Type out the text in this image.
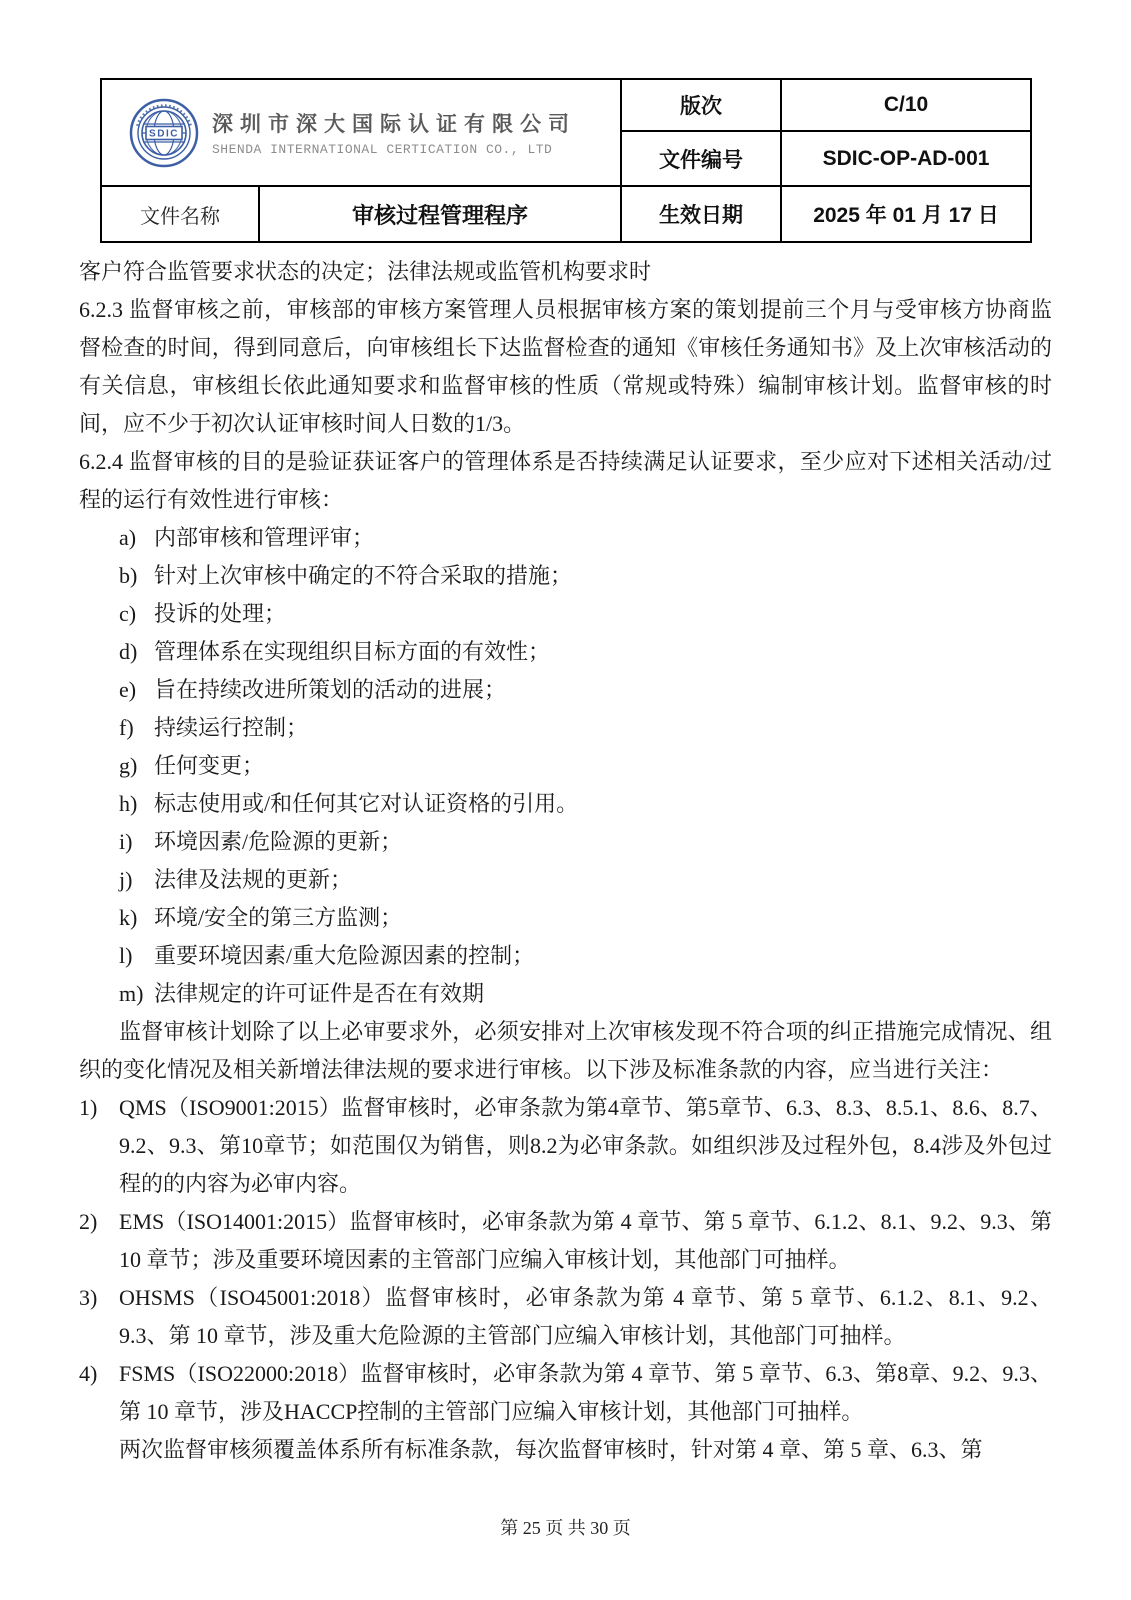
SDIC 深圳市深大国际认证有限公司
SHENDA INTERNATIONAL CERTICATION CO., LTD
版次	C/10
文件编号	SDIC-OP-AD-001
文件名称	审核过程管理程序	生效日期	2025 年 01 月 17 日
客户符合监管要求状态的决定；法律法规或监管机构要求时
6.2.3 监督审核之前，审核部的审核方案管理人员根据审核方案的策划提前三个月与受审核方协商监督检查的时间，得到同意后，向审核组长下达监督检查的通知《审核任务通知书》及上次审核活动的有关信息，审核组长依此通知要求和监督审核的性质（常规或特殊）编制审核计划。监督审核的时间，应不少于初次认证审核时间人日数的1/3。
6.2.4 监督审核的目的是验证获证客户的管理体系是否持续满足认证要求，至少应对下述相关活动/过程的运行有效性进行审核：
a) 内部审核和管理评审；
b) 针对上次审核中确定的不符合采取的措施；
c) 投诉的处理；
d) 管理体系在实现组织目标方面的有效性；
e) 旨在持续改进所策划的活动的进展；
f) 持续运行控制；
g) 任何变更；
h) 标志使用或/和任何其它对认证资格的引用。
i) 环境因素/危险源的更新；
j) 法律及法规的更新；
k) 环境/安全的第三方监测；
l) 重要环境因素/重大危险源因素的控制；
m) 法律规定的许可证件是否在有效期
监督审核计划除了以上必审要求外，必须安排对上次审核发现不符合项的纠正措施完成情况、组织的变化情况及相关新增法律法规的要求进行审核。以下涉及标准条款的内容，应当进行关注：
1) QMS（ISO9001:2015）监督审核时，必审条款为第4章节、第5章节、6.3、8.3、8.5.1、8.6、8.7、9.2、9.3、第10章节；如范围仅为销售，则8.2为必审条款。如组织涉及过程外包，8.4涉及外包过程的的内容为必审内容。
2) EMS（ISO14001:2015）监督审核时，必审条款为第 4 章节、第 5 章节、6.1.2、8.1、9.2、9.3、第 10 章节；涉及重要环境因素的主管部门应编入审核计划，其他部门可抽样。
3) OHSMS（ISO45001:2018）监督审核时，必审条款为第 4 章节、第 5 章节、6.1.2、8.1、9.2、9.3、第 10 章节，涉及重大危险源的主管部门应编入审核计划，其他部门可抽样。
4) FSMS（ISO22000:2018）监督审核时，必审条款为第 4 章节、第 5 章节、6.3、第8章、9.2、9.3、第 10 章节，涉及HACCP控制的主管部门应编入审核计划，其他部门可抽样。
两次监督审核须覆盖体系所有标准条款，每次监督审核时，针对第 4 章、第 5 章、6.3、第
第 25 页 共 30 页
